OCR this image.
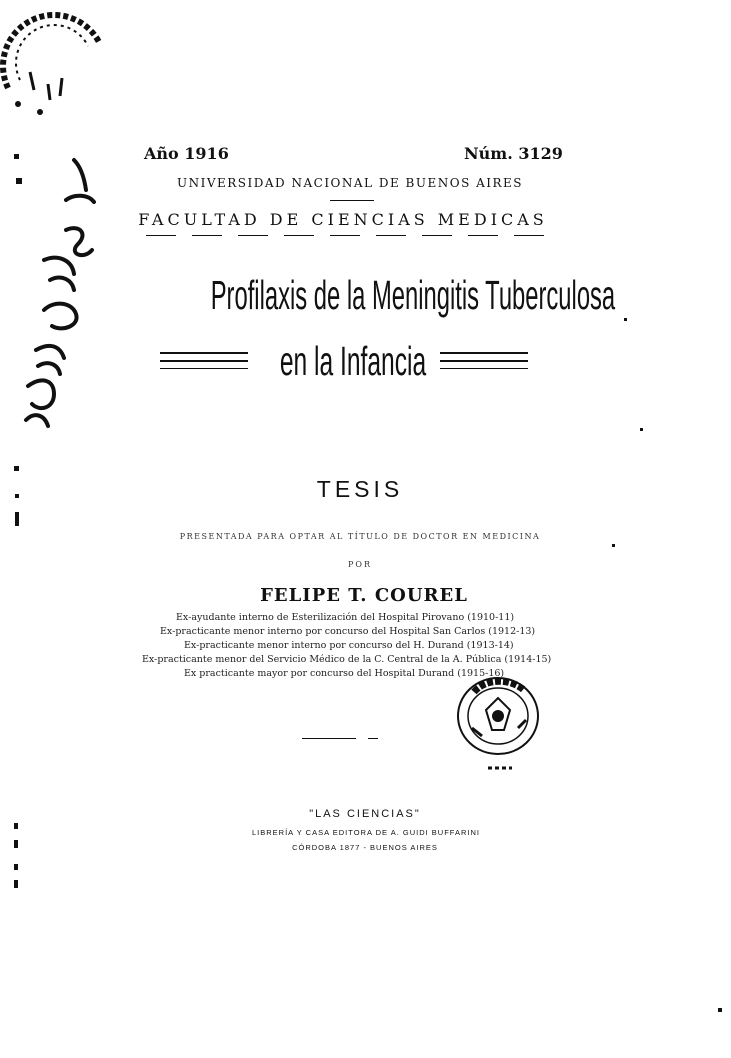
Año 1916	Núm. 3129
UNIVERSIDAD NACIONAL DE BUENOS AIRES
FACULTAD DE CIENCIAS MEDICAS
Profilaxis de la Meningitis Tuberculosa
en la Infancia
TESIS
PRESENTADA PARA OPTAR AL TÍTULO DE DOCTOR EN MEDICINA
POR
FELIPE T. COUREL
Ex-ayudante interno de Esterilización del Hospital Pirovano (1910-11)
Ex-practicante menor interno por concurso del Hospital San Carlos (1912-13)
Ex-practicante menor interno por concurso del H. Durand (1913-14)
Ex-practicante menor del Servicio Médico de la C. Central de la A. Pública (1914-15)
Ex practicante mayor por concurso del Hospital Durand (1915-16)
"LAS CIENCIAS"
LIBRERÍA Y CASA EDITORA DE A. GUIDI BUFFARINI
CÓRDOBA 1877 - BUENOS AIRES
